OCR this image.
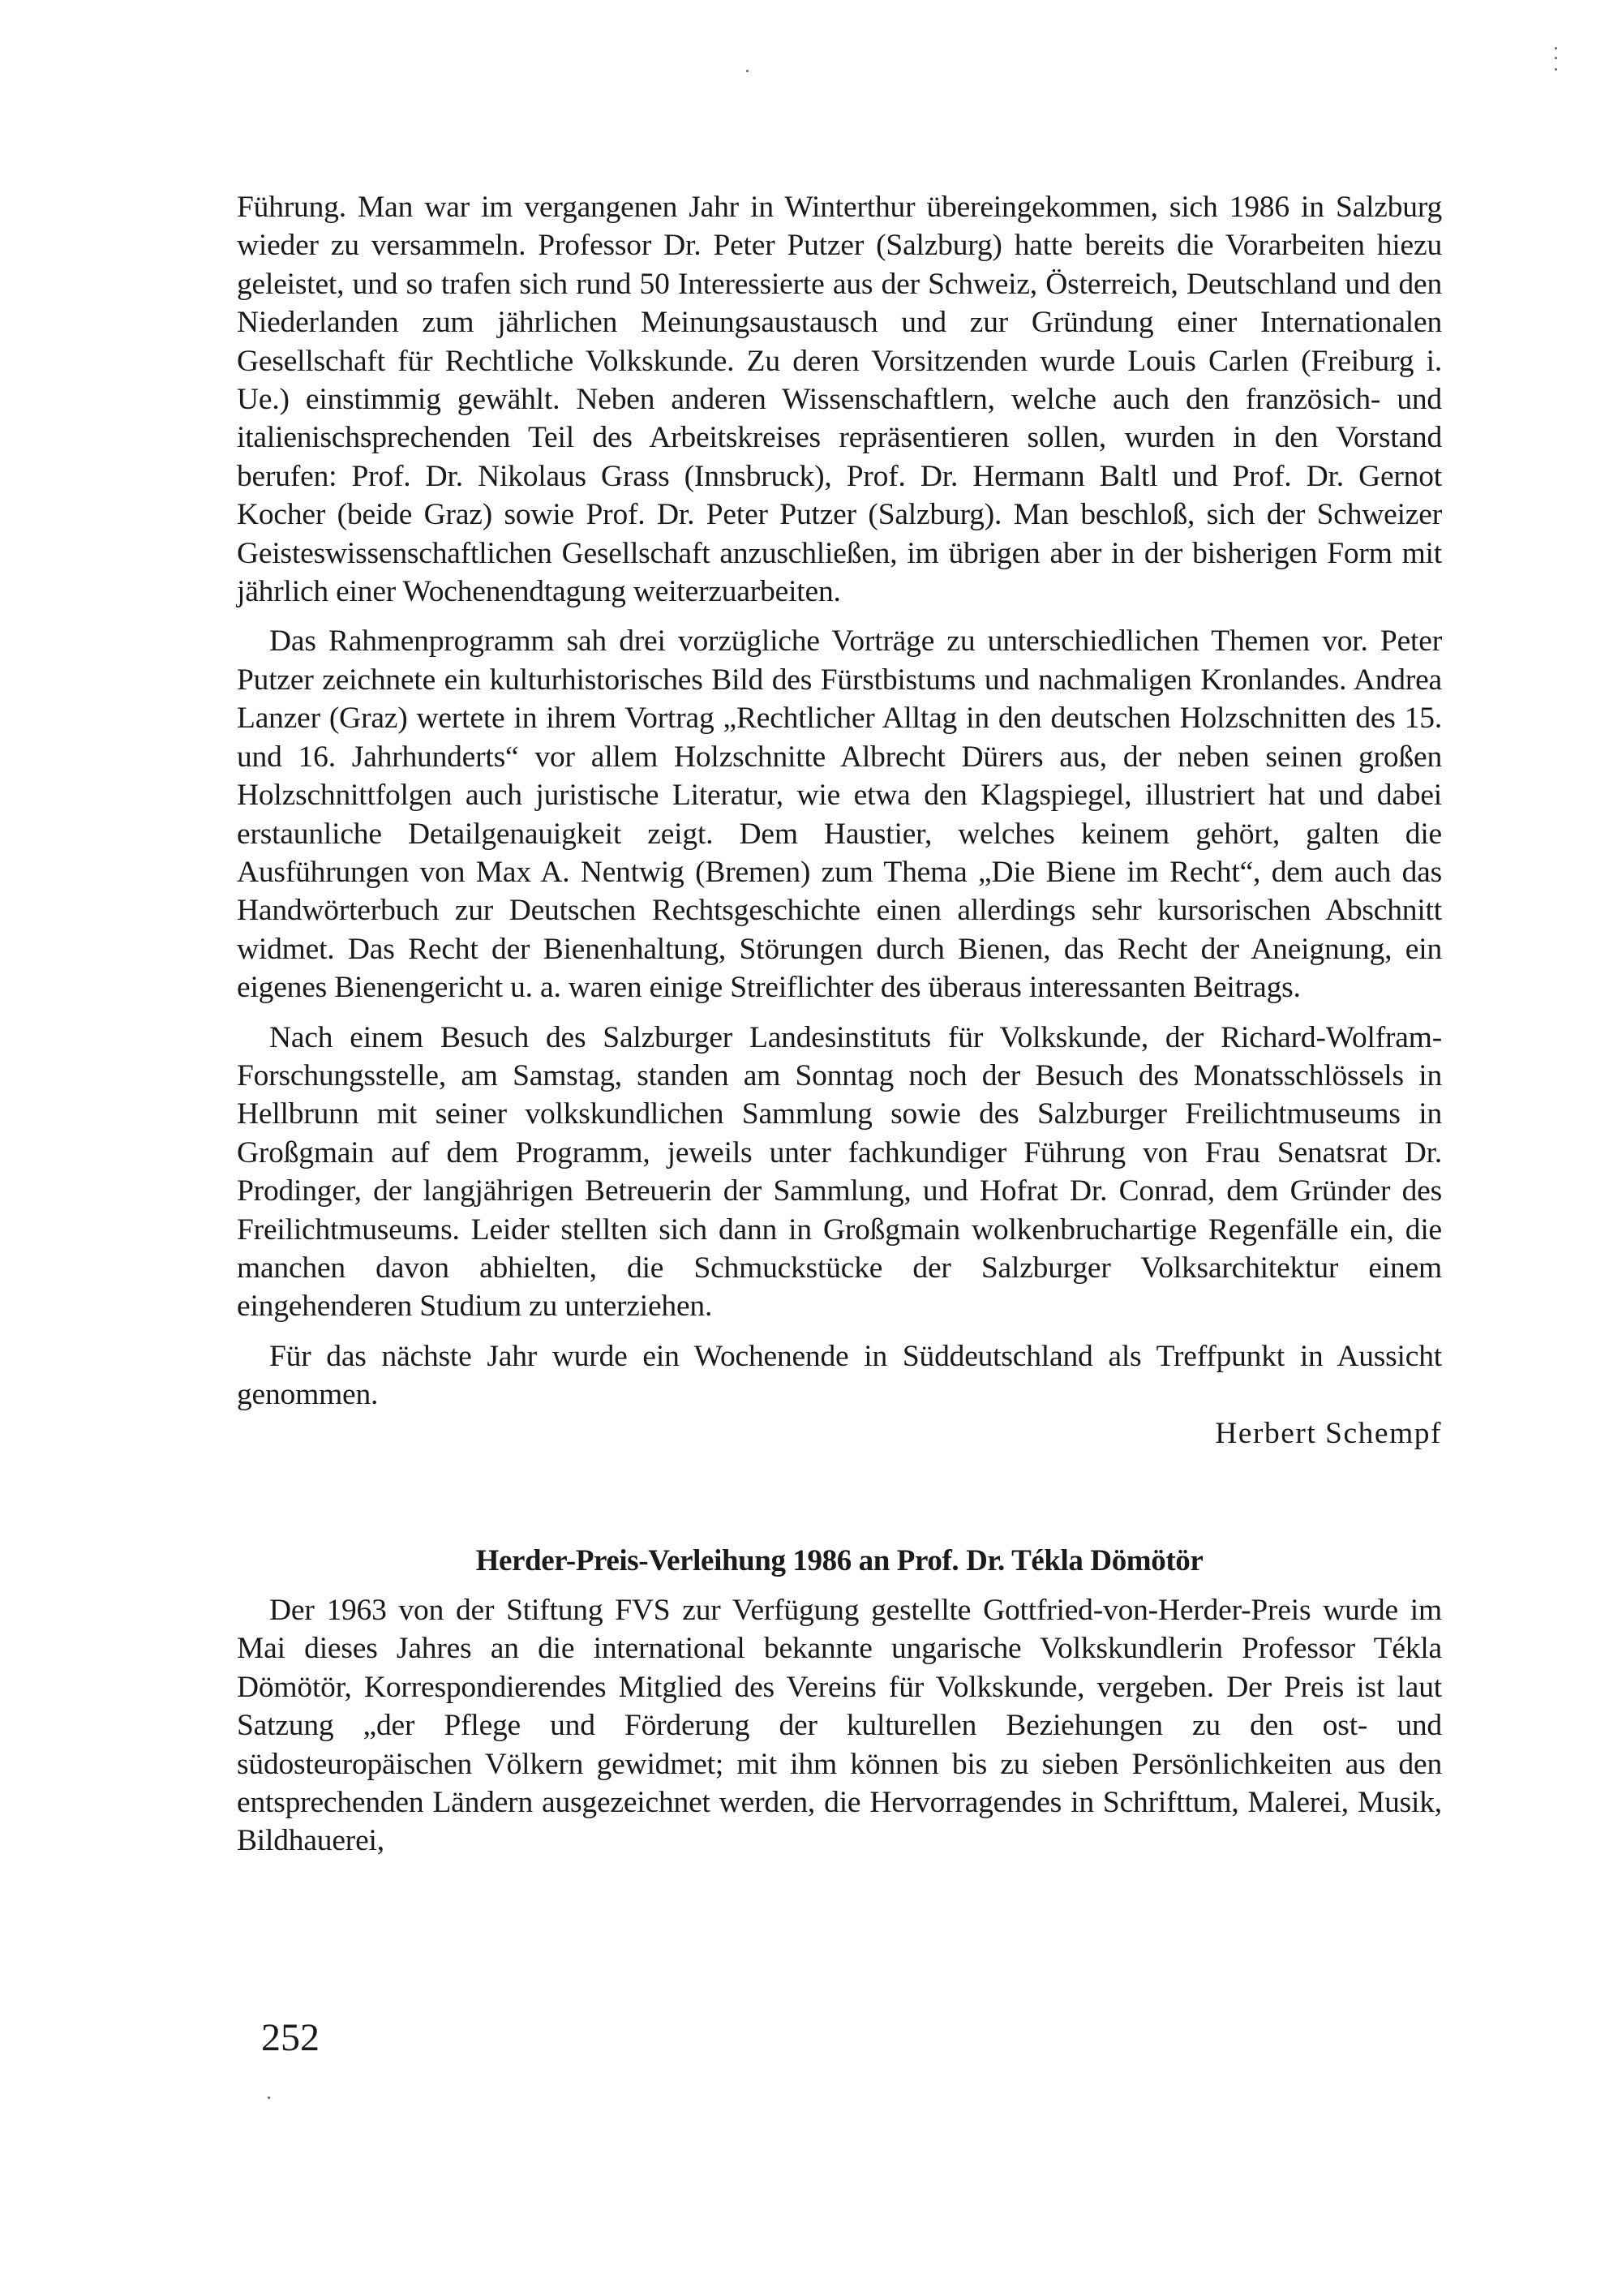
Führung. Man war im vergangenen Jahr in Winterthur übereingekommen, sich 1986 in Salzburg wieder zu versammeln. Professor Dr. Peter Putzer (Salzburg) hatte bereits die Vorarbeiten hiezu geleistet, und so trafen sich rund 50 Interessierte aus der Schweiz, Österreich, Deutschland und den Niederlanden zum jährlichen Meinungsaustausch und zur Gründung einer Internationalen Gesellschaft für Rechtliche Volkskunde. Zu deren Vorsitzenden wurde Louis Carlen (Freiburg i. Ue.) einstimmig gewählt. Neben anderen Wissenschaftlern, welche auch den französich- und italienischsprechenden Teil des Arbeitskreises repräsentieren sollen, wurden in den Vorstand berufen: Prof. Dr. Nikolaus Grass (Innsbruck), Prof. Dr. Hermann Baltl und Prof. Dr. Gernot Kocher (beide Graz) sowie Prof. Dr. Peter Putzer (Salzburg). Man beschloß, sich der Schweizer Geisteswissenschaftlichen Gesellschaft anzuschließen, im übrigen aber in der bisherigen Form mit jährlich einer Wochenendtagung weiterzuarbeiten.

Das Rahmenprogramm sah drei vorzügliche Vorträge zu unterschiedlichen Themen vor. Peter Putzer zeichnete ein kulturhistorisches Bild des Fürstbistums und nachmaligen Kronlandes. Andrea Lanzer (Graz) wertete in ihrem Vortrag „Rechtlicher Alltag in den deutschen Holzschnitten des 15. und 16. Jahrhunderts“ vor allem Holzschnitte Albrecht Dürers aus, der neben seinen großen Holzschnittfolgen auch juristische Literatur, wie etwa den Klagspiegel, illustriert hat und dabei erstaunliche Detailgenauigkeit zeigt. Dem Haustier, welches keinem gehört, galten die Ausführungen von Max A. Nentwig (Bremen) zum Thema „Die Biene im Recht“, dem auch das Handwörterbuch zur Deutschen Rechtsgeschichte einen allerdings sehr kursorischen Abschnitt widmet. Das Recht der Bienenhaltung, Störungen durch Bienen, das Recht der Aneignung, ein eigenes Bienengericht u. a. waren einige Streiflichter des überaus interessanten Beitrags.

Nach einem Besuch des Salzburger Landesinstituts für Volkskunde, der Richard-Wolfram-Forschungsstelle, am Samstag, standen am Sonntag noch der Besuch des Monatsschlössels in Hellbrunn mit seiner volkskundlichen Sammlung sowie des Salzburger Freilichtmuseums in Großgmain auf dem Programm, jeweils unter fachkundiger Führung von Frau Senatsrat Dr. Prodinger, der langjährigen Betreuerin der Sammlung, und Hofrat Dr. Conrad, dem Gründer des Freilichtmuseums. Leider stellten sich dann in Großgmain wolkenbruchartige Regenfälle ein, die manchen davon abhielten, die Schmuckstücke der Salzburger Volksarchitektur einem eingehenderen Studium zu unterziehen.

Für das nächste Jahr wurde ein Wochenende in Süddeutschland als Treffpunkt in Aussicht genommen.

Herbert Schempf

Herder-Preis-Verleihung 1986 an Prof. Dr. Tékla Dömötör

Der 1963 von der Stiftung FVS zur Verfügung gestellte Gottfried-von-Herder-Preis wurde im Mai dieses Jahres an die international bekannte ungarische Volkskundlerin Professor Tékla Dömötör, Korrespondierendes Mitglied des Vereins für Volkskunde, vergeben. Der Preis ist laut Satzung „der Pflege und Förderung der kulturellen Beziehungen zu den ost- und südosteuropäischen Völkern gewidmet; mit ihm können bis zu sieben Persönlichkeiten aus den entsprechenden Ländern ausgezeichnet werden, die Hervorragendes in Schrifttum, Malerei, Musik, Bildhauerei,

252
